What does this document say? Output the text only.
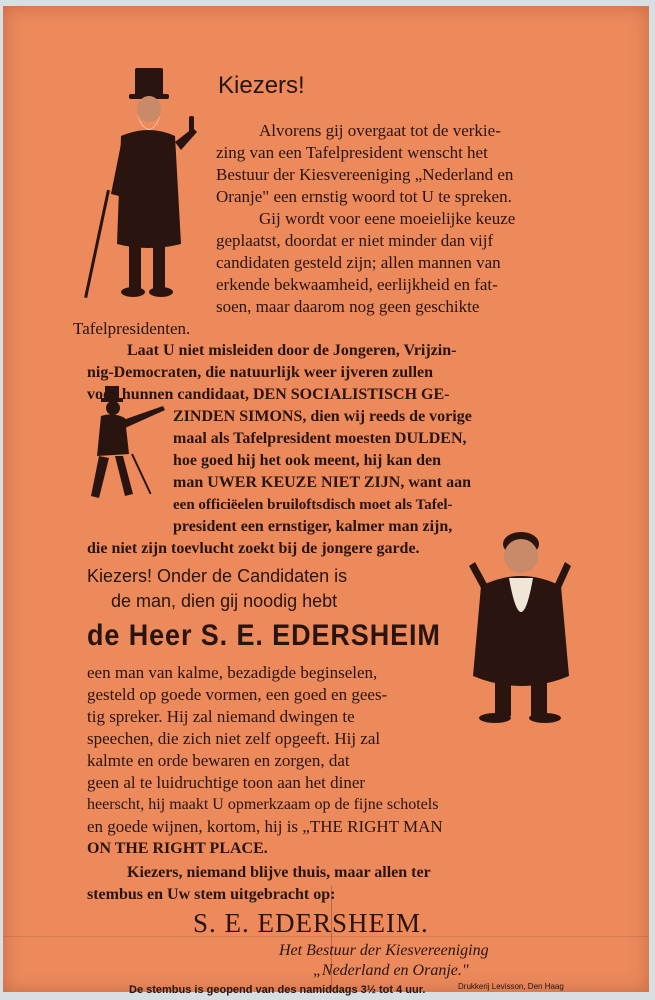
Kiezers!
Alvorens gij overgaat tot de verkie-
zing van een Tafelpresident wenscht het
Bestuur der Kiesvereeniging „Nederland en
Oranje" een ernstig woord tot U te spreken.
Gij wordt voor eene moeielijke keuze
geplaatst, doordat er niet minder dan vijf
candidaten gesteld zijn; allen mannen van
erkende bekwaamheid, eerlijkheid en fat-
soen, maar daarom nog geen geschikte
Tafelpresidenten.
Laat U niet misleiden door de Jongeren, Vrijzin-
nig-Democraten, die natuurlijk weer ijveren zullen
voor hunnen candidaat, DEN SOCIALISTISCH GE-
ZINDEN SIMONS, dien wij reeds de vorige
maal als Tafelpresident moesten DULDEN,
hoe goed hij het ook meent, hij kan den
man UWER KEUZE NIET ZIJN, want aan
een officiëelen bruiloftsdisch moet als Tafel-
president een ernstiger, kalmer man zijn,
die niet zijn toevlucht zoekt bij de jongere garde.
Kiezers! Onder de Candidaten is
de man, dien gij noodig hebt
de Heer S. E. EDERSHEIM
een man van kalme, bezadigde beginselen,
gesteld op goede vormen, een goed en gees-
tig spreker. Hij zal niemand dwingen te
speechen, die zich niet zelf opgeeft. Hij zal
kalmte en orde bewaren en zorgen, dat
geen al te luidruchtige toon aan het diner
heerscht, hij maakt U opmerkzaam op de fijne schotels
en goede wijnen, kortom, hij is „THE RIGHT MAN
ON THE RIGHT PLACE.
Kiezers, niemand blijve thuis, maar allen ter
stembus en Uw stem uitgebracht op:
S. E. EDERSHEIM.
Het Bestuur der Kiesvereeniging
„Nederland en Oranje."
De stembus is geopend van des namiddags 3½ tot 4 uur.	Drukkerij Levisson, Den Haag
